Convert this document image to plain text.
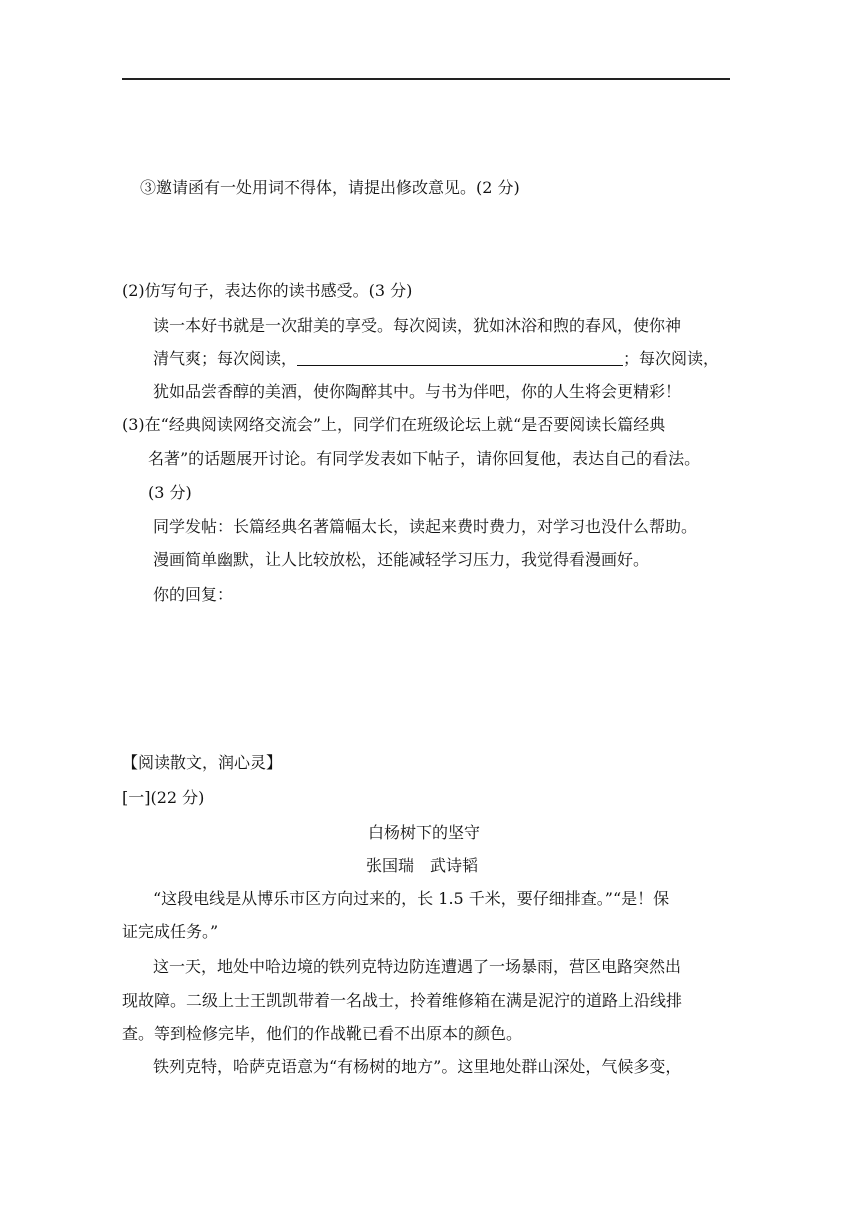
③邀请函有一处用词不得体，请提出修改意见。(2 分)
(2)仿写句子，表达你的读书感受。(3 分)
读一本好书就是一次甜美的享受。每次阅读，犹如沐浴和煦的春风，使你神
清气爽；每次阅读，	；每次阅读，
犹如品尝香醇的美酒，使你陶醉其中。与书为伴吧，你的人生将会更精彩！
(3)在“经典阅读网络交流会”上，同学们在班级论坛上就“是否要阅读长篇经典
名著”的话题展开讨论。有同学发表如下帖子，请你回复他，表达自己的看法。
(3 分)
同学发帖：长篇经典名著篇幅太长，读起来费时费力，对学习也没什么帮助。
漫画简单幽默，让人比较放松，还能减轻学习压力，我觉得看漫画好。
你的回复：
【阅读散文，润心灵】
[一](22 分)
白杨树下的坚守
张国瑞　武诗韬
“这段电线是从博乐市区方向过来的，长 1.5 千米，要仔细排查。”“是！保
证完成任务。”
这一天，地处中哈边境的铁列克特边防连遭遇了一场暴雨，营区电路突然出
现故障。二级上士王凯凯带着一名战士，拎着维修箱在满是泥泞的道路上沿线排
查。等到检修完毕，他们的作战靴已看不出原本的颜色。
铁列克特，哈萨克语意为“有杨树的地方”。这里地处群山深处，气候多变，
